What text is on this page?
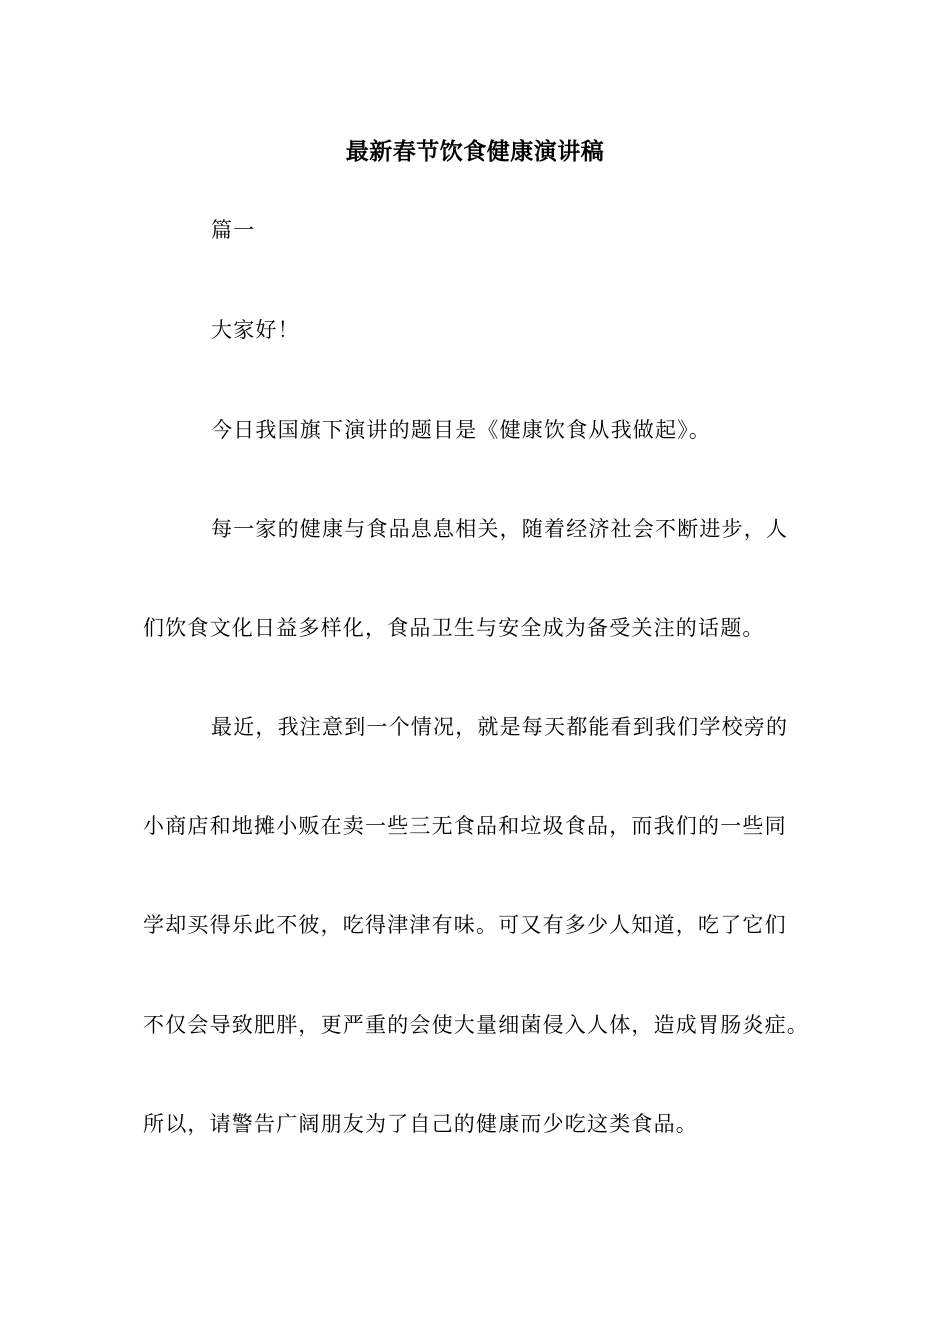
最新春节饮食健康演讲稿
篇一
大家好！
今日我国旗下演讲的题目是《健康饮食从我做起》。
每一家的健康与食品息息相关，随着经济社会不断进步，人
们饮食文化日益多样化，食品卫生与安全成为备受关注的话题。
最近，我注意到一个情况，就是每天都能看到我们学校旁的
小商店和地摊小贩在卖一些三无食品和垃圾食品，而我们的一些同
学却买得乐此不彼，吃得津津有味。可又有多少人知道，吃了它们
不仅会导致肥胖，更严重的会使大量细菌侵入人体，造成胃肠炎症。
所以，请警告广阔朋友为了自己的健康而少吃这类食品。
